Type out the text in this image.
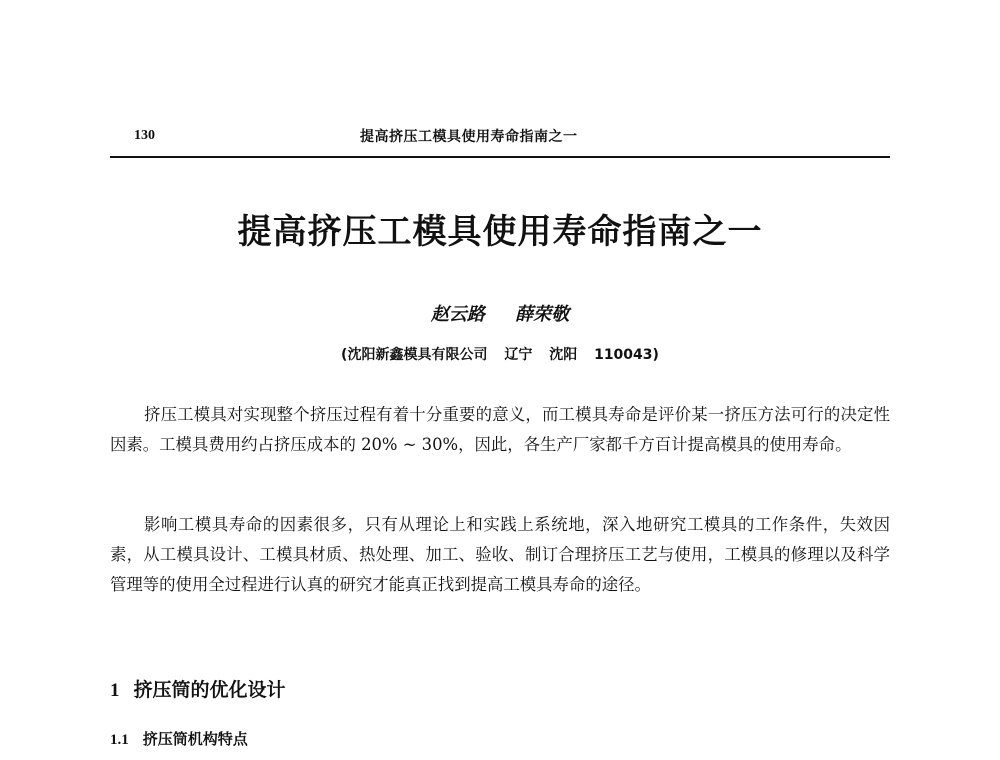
130	提高挤压工模具使用寿命指南之一
提高挤压工模具使用寿命指南之一
赵云路 薛荣敬
(沈阳新鑫模具有限公司 辽宁 沈阳 110043)

挤压工模具对实现整个挤压过程有着十分重要的意义，而工模具寿命是评价某一挤压方法可行的决定性因素。工模具费用约占挤压成本的 20% ~ 30%，因此，各生产厂家都千方百计提高模具的使用寿命。

影响工模具寿命的因素很多，只有从理论上和实践上系统地，深入地研究工模具的工作条件，失效因素，从工模具设计、工模具材质、热处理、加工、验收、制订合理挤压工艺与使用，工模具的修理以及科学管理等的使用全过程进行认真的研究才能真正找到提高工模具寿命的途径。

1 挤压筒的优化设计
1.1 挤压筒机构特点
